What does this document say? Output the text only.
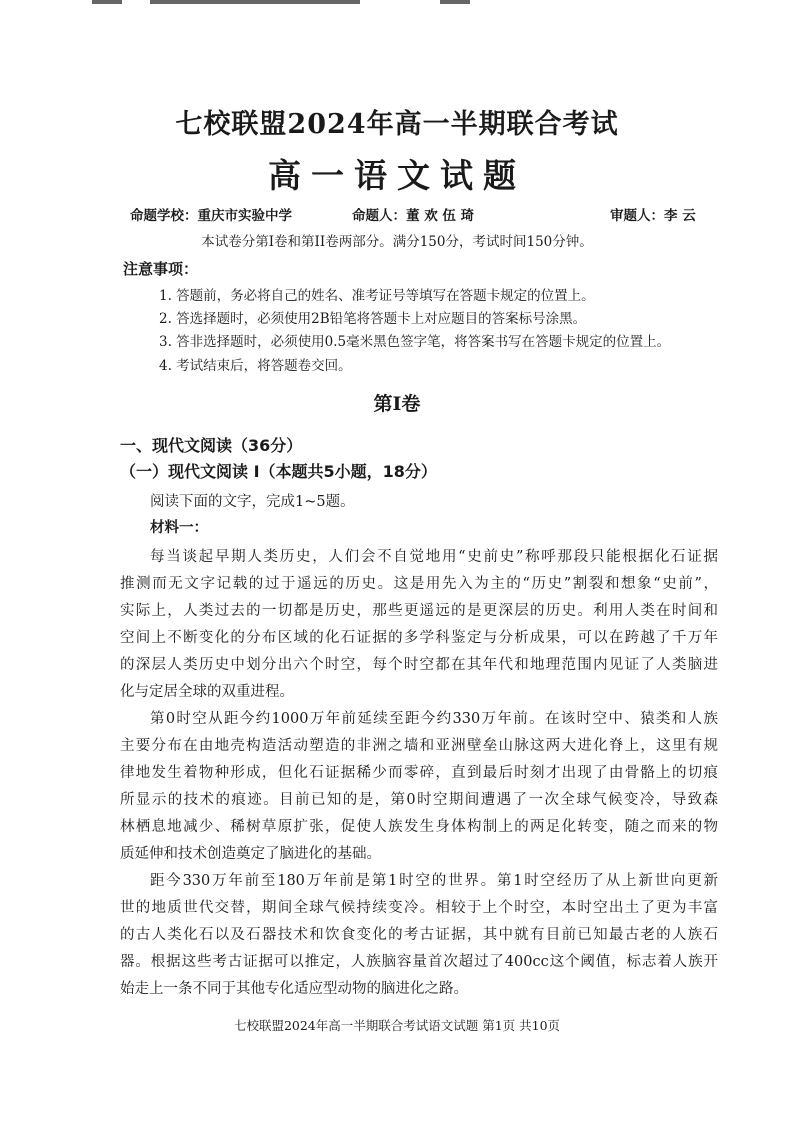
七校联盟2024年高一半期联合考试
高一语文试题
命题学校：重庆市实验中学	命题人：董 欢 伍 琦	审题人：李 云
本试卷分第I卷和第II卷两部分。满分150分，考试时间150分钟。
注意事项：
1. 答题前，务必将自己的姓名、准考证号等填写在答题卡规定的位置上。
2. 答选择题时，必须使用2B铅笔将答题卡上对应题目的答案标号涂黑。
3. 答非选择题时，必须使用0.5毫米黑色签字笔，将答案书写在答题卡规定的位置上。
4. 考试结束后，将答题卷交回。
第I卷
一、现代文阅读（36分）
（一）现代文阅读 I（本题共5小题，18分）
阅读下面的文字，完成1~5题。
材料一：
每当谈起早期人类历史，人们会不自觉地用“史前史”称呼那段只能根据化石证据
推测而无文字记载的过于遥远的历史。这是用先入为主的“历史”割裂和想象“史前”，
实际上，人类过去的一切都是历史，那些更遥远的是更深层的历史。利用人类在时间和
空间上不断变化的分布区域的化石证据的多学科鉴定与分析成果，可以在跨越了千万年
的深层人类历史中划分出六个时空，每个时空都在其年代和地理范围内见证了人类脑进
化与定居全球的双重进程。
第0时空从距今约1000万年前延续至距今约330万年前。在该时空中、猿类和人族
主要分布在由地壳构造活动塑造的非洲之墙和亚洲壁垒山脉这两大进化脊上，这里有规
律地发生着物种形成，但化石证据稀少而零碎，直到最后时刻才出现了由骨骼上的切痕
所显示的技术的痕迹。目前已知的是，第0时空期间遭遇了一次全球气候变冷，导致森
林栖息地减少、稀树草原扩张，促使人族发生身体构制上的两足化转变，随之而来的物
质延伸和技术创造奠定了脑进化的基础。
距今330万年前至180万年前是第1时空的世界。第1时空经历了从上新世向更新
世的地质世代交替，期间全球气候持续变冷。相较于上个时空，本时空出土了更为丰富
的古人类化石以及石器技术和饮食变化的考古证据，其中就有目前已知最古老的人族石
器。根据这些考古证据可以推定，人族脑容量首次超过了400cc这个阈值，标志着人族开
始走上一条不同于其他专化适应型动物的脑进化之路。
七校联盟2024年高一半期联合考试语文试题 第1页 共10页
